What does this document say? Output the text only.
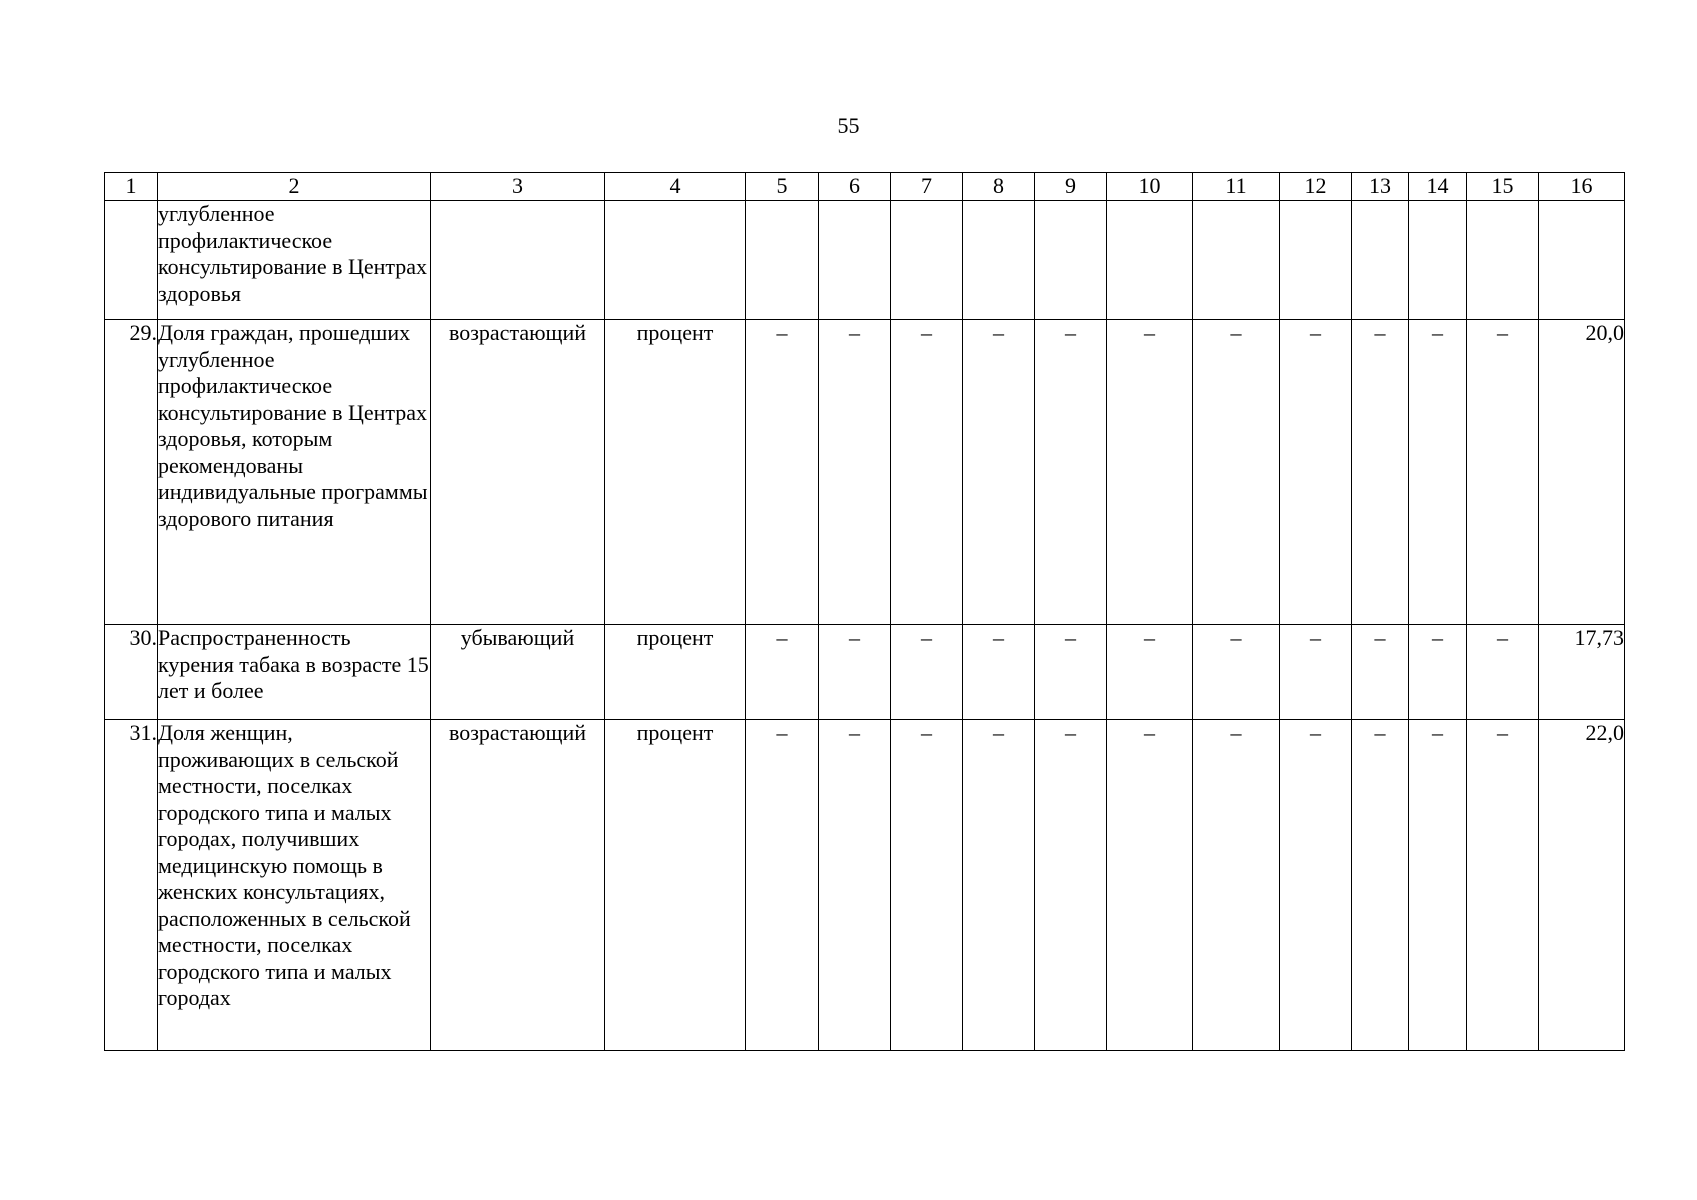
55
1	2	3	4	5	6	7	8	9	10	11	12	13	14	15	16
	углубленное профилактическое консультирование в Центрах здоровья														
29.	Доля граждан, прошедших углубленное профилактическое консультирование в Центрах здоровья, которым рекомендованы индивидуальные программы здорового питания	возрастающий	процент	–	–	–	–	–	–	–	–	–	–	–	20,0
30.	Распространенность курения табака в возрасте 15 лет и более	убывающий	процент	–	–	–	–	–	–	–	–	–	–	–	17,73
31.	Доля женщин, проживающих в сельской местности, поселках городского типа и малых городах, получивших медицинскую помощь в женских консультациях, расположенных в сельской местности, поселках городского типа и малых городах	возрастающий	процент	–	–	–	–	–	–	–	–	–	–	–	22,0
